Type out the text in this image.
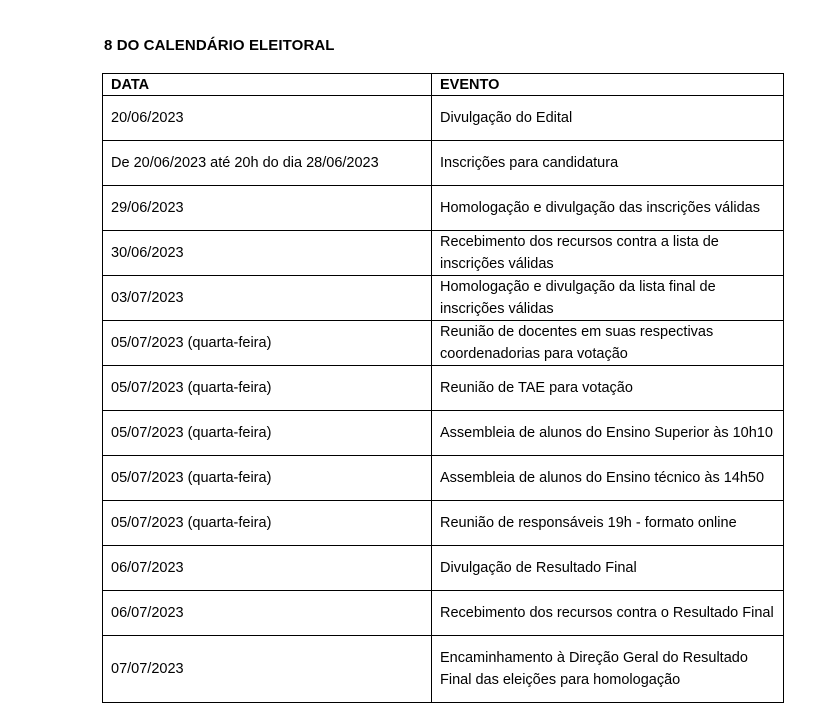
8 DO CALENDÁRIO ELEITORAL
DATA	EVENTO
20/06/2023	Divulgação do Edital
De 20/06/2023 até 20h do dia 28/06/2023	Inscrições para candidatura
29/06/2023	Homologação e divulgação das inscrições válidas
30/06/2023	Recebimento dos recursos contra a lista de inscrições válidas
03/07/2023	Homologação e divulgação da lista final de inscrições válidas
05/07/2023 (quarta-feira)	Reunião de docentes em suas respectivas coordenadorias para votação
05/07/2023 (quarta-feira)	Reunião de TAE para votação
05/07/2023 (quarta-feira)	Assembleia de alunos do Ensino Superior às 10h10
05/07/2023 (quarta-feira)	Assembleia de alunos do Ensino técnico às 14h50
05/07/2023 (quarta-feira)	Reunião de responsáveis 19h - formato online
06/07/2023	Divulgação de Resultado Final
06/07/2023	Recebimento dos recursos contra o Resultado Final
07/07/2023	Encaminhamento à Direção Geral do Resultado Final das eleições para homologação
